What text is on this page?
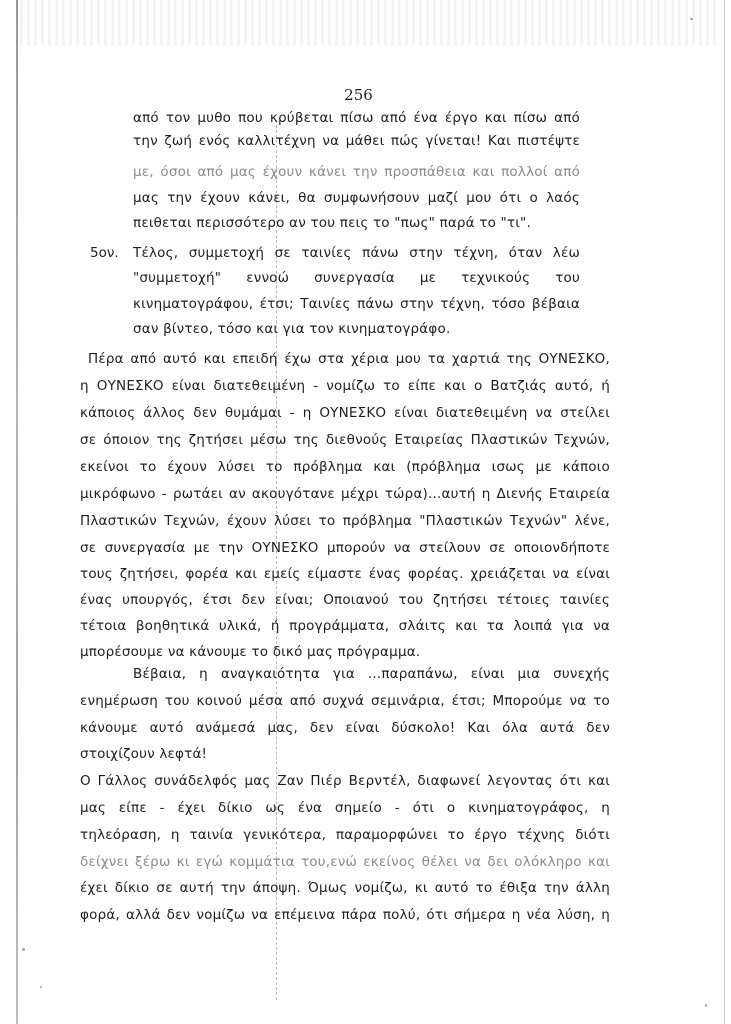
256
5ον.
από τον μυθο που κρύβεται πίσω από ένα έργο και πίσω από
την ζωή ενός καλλιτέχνη να μάθει πώς γίνεται! Και πιστέψτε
με, όσοι από μας έχουν κάνει την προσπάθεια και πολλοί από
μας την έχουν κάνει, θα συμφωνήσουν μαζί μου ότι ο λαός
πειθεται περισσότερο αν του πεις το "πως" παρά το "τι".
Τέλος, συμμετοχή σε ταινίες πάνω στην τέχνη, όταν λέω
"συμμετοχή" εννοώ συνεργασία με τεχνικούς του
κινηματογράφου, έτσι; Ταινίες πάνω στην τέχνη, τόσο βέβαια
σαν βίντεο, τόσο και για τον κινηματογράφο.
Πέρα από αυτό και επειδή έχω στα χέρια μου τα χαρτιά της ΟΥΝΕΣΚΟ,
η ΟΥΝΕΣΚΟ είναι διατεθειμένη - νομίζω το είπε και ο Βατζιάς αυτό, ή
κάποιος άλλος δεν θυμάμαι - η ΟΥΝΕΣΚΟ είναι διατεθειμένη να στείλει
σε όποιον της ζητήσει μέσω της διεθνούς Εταιρείας Πλαστικών Τεχνών,
εκείνοι το έχουν λύσει το πρόβλημα και (πρόβλημα ισως με κάποιο
μικρόφωνο - ρωτάει αν ακουγότανε μέχρι τώρα)...αυτή η Διενής Εταιρεία
Πλαστικών Τεχνών, έχουν λύσει το πρόβλημα "Πλαστικών Τεχνών" λένε,
σε συνεργασία με την ΟΥΝΕΣΚΟ μπορούν να στείλουν σε οποιονδήποτε
τους ζητήσει, φορέα και εμείς είμαστε ένας φορέας. χρειάζεται να είναι
ένας υπουργός, έτσι δεν είναι; Οποιανού του ζητήσει τέτοιες ταινίες
τέτοια βοηθητικά υλικά, ή προγράμματα, σλάιτς και τα λοιπά για να
μπορέσουμε να κάνουμε το δικό μας πρόγραμμα.
Βέβαια, η αναγκαιότητα για ...παραπάνω, είναι μια συνεχής
ενημέρωση του κοινού μέσα από συχνά σεμινάρια, έτσι; Μπορούμε να το
κάνουμε αυτό ανάμεσά μας, δεν είναι δύσκολο! Και όλα αυτά δεν
στοιχίζουν λεφτά!
Ο Γάλλος συνάδελφός μας Ζαν Πιέρ Βερντέλ, διαφωνεί λεγοντας ότι και
μας είπε - έχει δίκιο ως ένα σημείο - ότι ο κινηματογράφος, η
τηλεόραση, η ταινία γενικότερα, παραμορφώνει το έργο τέχνης διότι
δείχνει ξέρω κι εγώ κομμάτια του,ενώ εκείνος θέλει να δει ολόκληρο και
έχει δίκιο σε αυτή την άποψη. Όμως νομίζω, κι αυτό το έθιξα την άλλη
φορά, αλλά δεν νομίζω να επέμεινα πάρα πολύ, ότι σήμερα η νέα λύση, η
